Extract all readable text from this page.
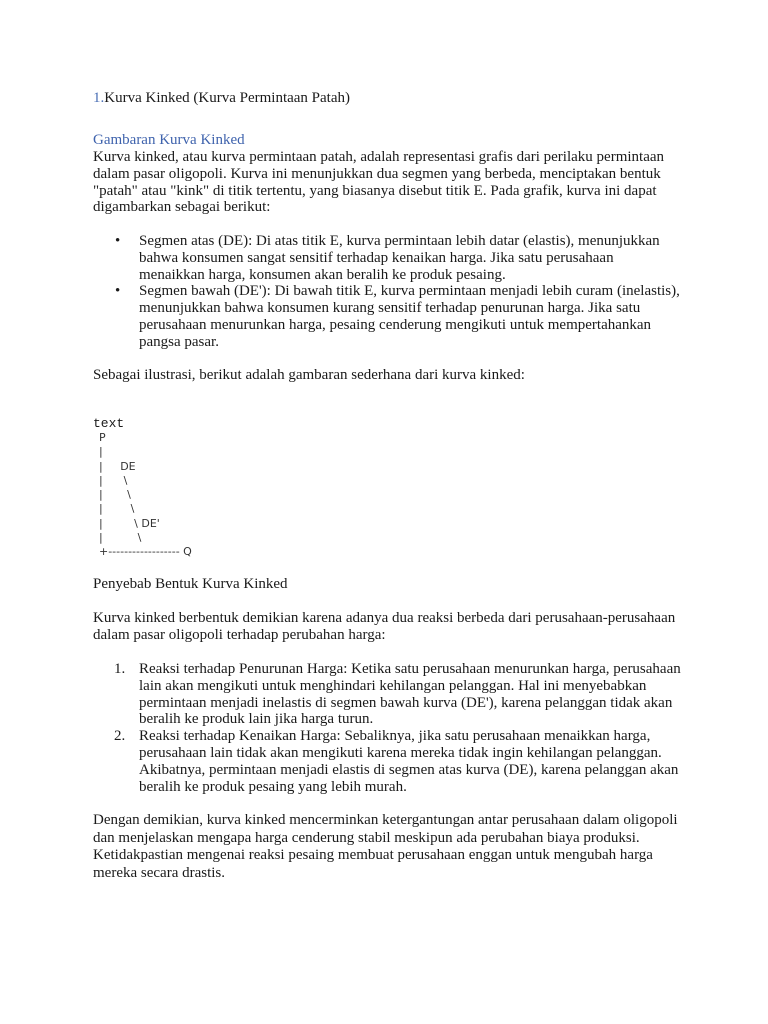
1.Kurva Kinked (Kurva Permintaan Patah)
Gambaran Kurva Kinked

Kurva kinked, atau kurva permintaan patah, adalah representasi grafis dari perilaku permintaan dalam pasar oligopoli. Kurva ini menunjukkan dua segmen yang berbeda, menciptakan bentuk "patah" atau "kink" di titik tertentu, yang biasanya disebut titik E. Pada grafik, kurva ini dapat digambarkan sebagai berikut:

• Segmen atas (DE): Di atas titik E, kurva permintaan lebih datar (elastis), menunjukkan bahwa konsumen sangat sensitif terhadap kenaikan harga. Jika satu perusahaan menaikkan harga, konsumen akan beralih ke produk pesaing.
• Segmen bawah (DE'): Di bawah titik E, kurva permintaan menjadi lebih curam (inelastis), menunjukkan bahwa konsumen kurang sensitif terhadap penurunan harga. Jika satu perusahaan menurunkan harga, pesaing cenderung mengikuti untuk mempertahankan pangsa pasar.

Sebagai ilustrasi, berikut adalah gambaran sederhana dari kurva kinked:

text
P
|
|     DE
|      \
|       \
|        \
|         \ DE'
|          \
+------------------ Q

Penyebab Bentuk Kurva Kinked

Kurva kinked berbentuk demikian karena adanya dua reaksi berbeda dari perusahaan-perusahaan dalam pasar oligopoli terhadap perubahan harga:

1. Reaksi terhadap Penurunan Harga: Ketika satu perusahaan menurunkan harga, perusahaan lain akan mengikuti untuk menghindari kehilangan pelanggan. Hal ini menyebabkan permintaan menjadi inelastis di segmen bawah kurva (DE'), karena pelanggan tidak akan beralih ke produk lain jika harga turun.
2. Reaksi terhadap Kenaikan Harga: Sebaliknya, jika satu perusahaan menaikkan harga, perusahaan lain tidak akan mengikuti karena mereka tidak ingin kehilangan pelanggan. Akibatnya, permintaan menjadi elastis di segmen atas kurva (DE), karena pelanggan akan beralih ke produk pesaing yang lebih murah.

Dengan demikian, kurva kinked mencerminkan ketergantungan antar perusahaan dalam oligopoli dan menjelaskan mengapa harga cenderung stabil meskipun ada perubahan biaya produksi. Ketidakpastian mengenai reaksi pesaing membuat perusahaan enggan untuk mengubah harga mereka secara drastis.
